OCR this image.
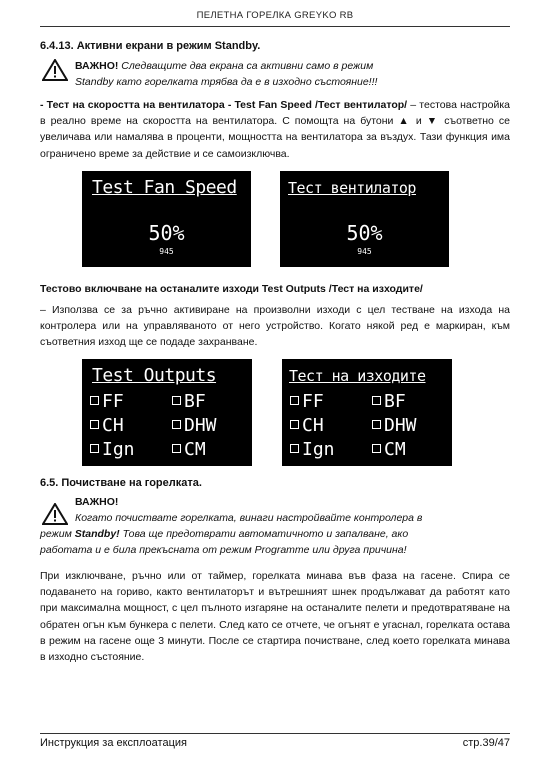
ПЕЛЕТНА ГОРЕЛКА GREYKO RB
6.4.13. Активни екрани в режим Standby.
ВАЖНО! Следващите два екрана са активни само в режим
Standby като горелката трябва да е в изходно състояние!!!
- Тест на скоростта на вентилатора - Test Fan Speed /Тест вентилатор/ – тестова настройка в реално време на скоростта на вентилатора. С помощта на бутони ▲ и ▼ съответно се увеличава или намалява в проценти, мощността на вентилатора за въздух. Тази функция има ограничено време за действие и се самоизключва.
Test Fan Speed
50%
945
Тест вентилатор
50%
945
Тестово включване на останалите изходи Test Outputs /Тест на изходите/
– Използва се за ръчно активиране на произволни изходи с цел тестване на изхода на контролера или на управляваното от него устройство. Когато някой ред е маркиран, към съответния изход ще се подаде захранване.
Test Outputs
FF	BF
CH	DHW
Ign	CM
Тест на изходите
FF	BF
CH	DHW
Ign	CM
6.5. Почистване на горелката.
ВАЖНО!
Когато почиствате горелката, винаги настройвайте контролера в
режим Standby! Това ще предотврати автоматичното и запалване, ако
работата и е била прекъсната от режим Programme или друга причина!
При изключване, ръчно или от таймер, горелката минава във фаза на гасене. Спира се подаването на гориво, както вентилаторът и вътрешният шнек продължават да работят като при максимална мощност, с цел пълното изгаряне на останалите пелети и предотвратяване на обратен огън към бункера с пелети. След като се отчете, че огънят е угаснал, горелката остава в режим на гасене още 3 минути. После се стартира почистване, след което горелката минава в изходно състояние.
Инструкция за експлоатация	стр.39/47
